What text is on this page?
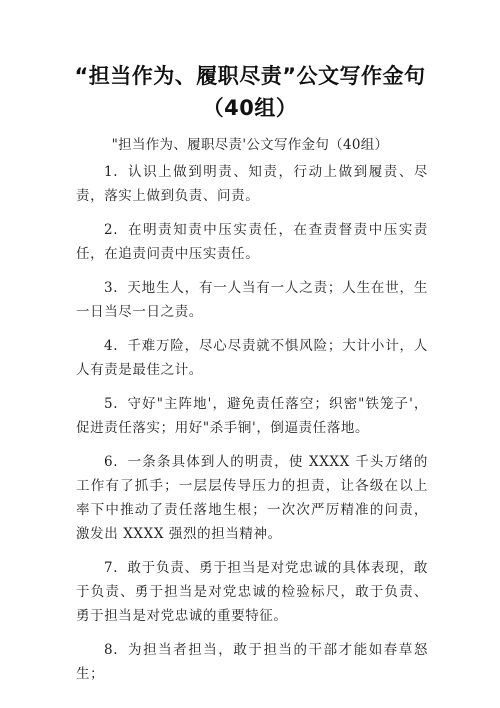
“担当作为、履职尽责”公文写作金句
（40组）
"担当作为、履职尽责'公文写作金句（40组）

1. 认识上做到明责、知责，行动上做到履责、尽责，落实上做到负责、问责。

2. 在明责知责中压实责任，在查责督责中压实责任，在追责问责中压实责任。

3. 天地生人，有一人当有一人之责；人生在世，生一日当尽一日之责。

4. 千难万险，尽心尽责就不惧风险；大计小计，人人有责是最佳之计。

5. 守好"主阵地'，避免责任落空；织密"铁笼子'，促进责任落实；用好"杀手锏'，倒逼责任落地。

6. 一条条具体到人的明责，使 XXXX 千头万绪的工作有了抓手；一层层传导压力的担责，让各级在以上率下中推动了责任落地生根；一次次严厉精准的问责，激发出 XXXX 强烈的担当精神。

7. 敢于负责、勇于担当是对党忠诚的具体表现，敢于负责、勇于担当是对党忠诚的检验标尺，敢于负责、勇于担当是对党忠诚的重要特征。

8. 为担当者担当，敢于担当的干部才能如春草怒生；
